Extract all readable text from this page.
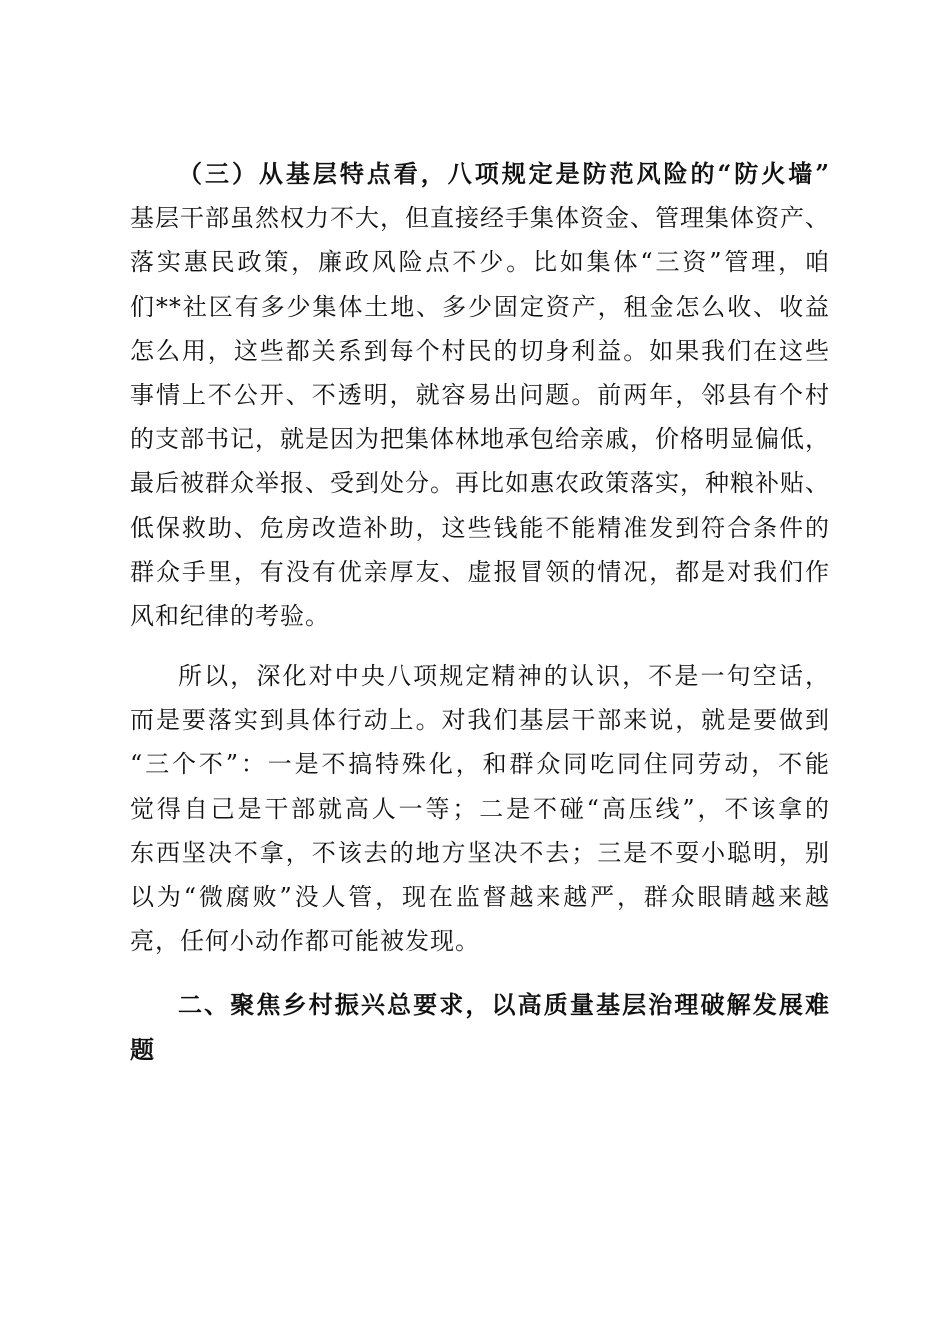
（三）从基层特点看，八项规定是防范风险的“防火墙”
基层干部虽然权力不大，但直接经手集体资金、管理集体资产、
落实惠民政策，廉政风险点不少。比如集体“三资”管理，咱
们**社区有多少集体土地、多少固定资产，租金怎么收、收益
怎么用，这些都关系到每个村民的切身利益。如果我们在这些
事情上不公开、不透明，就容易出问题。前两年，邻县有个村
的支部书记，就是因为把集体林地承包给亲戚，价格明显偏低，
最后被群众举报、受到处分。再比如惠农政策落实，种粮补贴、
低保救助、危房改造补助，这些钱能不能精准发到符合条件的
群众手里，有没有优亲厚友、虚报冒领的情况，都是对我们作
风和纪律的考验。
所以，深化对中央八项规定精神的认识，不是一句空话，
而是要落实到具体行动上。对我们基层干部来说，就是要做到
“三个不”：一是不搞特殊化，和群众同吃同住同劳动，不能
觉得自己是干部就高人一等；二是不碰“高压线”，不该拿的
东西坚决不拿，不该去的地方坚决不去；三是不耍小聪明，别
以为“微腐败”没人管，现在监督越来越严，群众眼睛越来越
亮，任何小动作都可能被发现。
二、聚焦乡村振兴总要求，以高质量基层治理破解发展难
题
